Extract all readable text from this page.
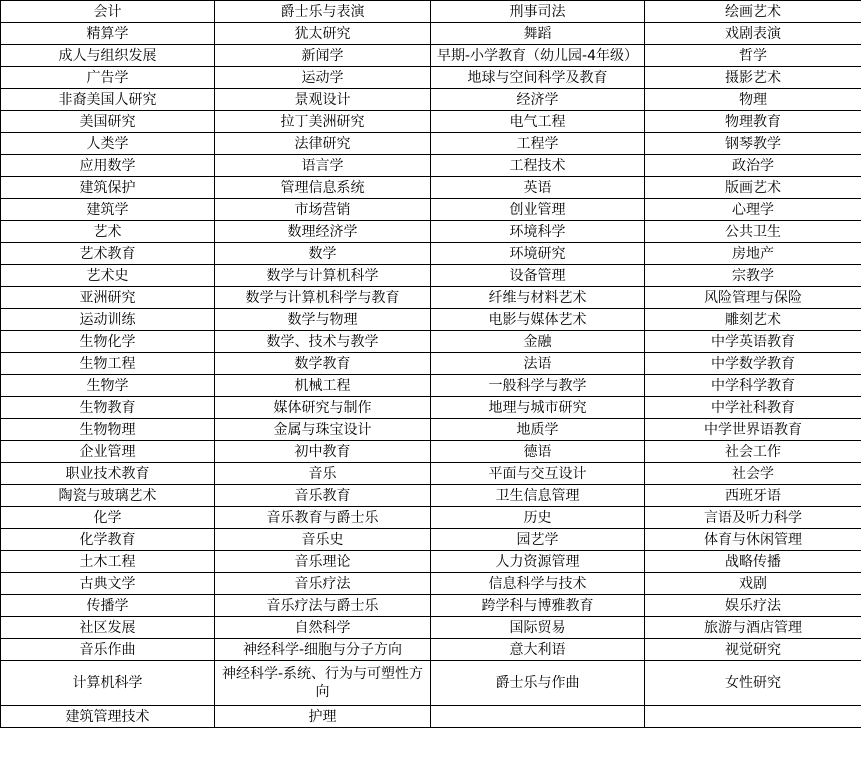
会计	爵士乐与表演	刑事司法	绘画艺术
精算学	犹太研究	舞蹈	戏剧表演
成人与组织发展	新闻学	早期-小学教育（幼儿园-4年级）	哲学
广告学	运动学	地球与空间科学及教育	摄影艺术
非裔美国人研究	景观设计	经济学	物理
美国研究	拉丁美洲研究	电气工程	物理教育
人类学	法律研究	工程学	钢琴教学
应用数学	语言学	工程技术	政治学
建筑保护	管理信息系统	英语	版画艺术
建筑学	市场营销	创业管理	心理学
艺术	数理经济学	环境科学	公共卫生
艺术教育	数学	环境研究	房地产
艺术史	数学与计算机科学	设备管理	宗教学
亚洲研究	数学与计算机科学与教育	纤维与材料艺术	风险管理与保险
运动训练	数学与物理	电影与媒体艺术	雕刻艺术
生物化学	数学、技术与教学	金融	中学英语教育
生物工程	数学教育	法语	中学数学教育
生物学	机械工程	一般科学与教学	中学科学教育
生物教育	媒体研究与制作	地理与城市研究	中学社科教育
生物物理	金属与珠宝设计	地质学	中学世界语教育
企业管理	初中教育	德语	社会工作
职业技术教育	音乐	平面与交互设计	社会学
陶瓷与玻璃艺术	音乐教育	卫生信息管理	西班牙语
化学	音乐教育与爵士乐	历史	言语及听力科学
化学教育	音乐史	园艺学	体育与休闲管理
土木工程	音乐理论	人力资源管理	战略传播
古典文学	音乐疗法	信息科学与技术	戏剧
传播学	音乐疗法与爵士乐	跨学科与博雅教育	娱乐疗法
社区发展	自然科学	国际贸易	旅游与酒店管理
音乐作曲	神经科学-细胞与分子方向	意大利语	视觉研究
计算机科学	神经科学-系统、行为与可塑性方向	爵士乐与作曲	女性研究
建筑管理技术	护理		
